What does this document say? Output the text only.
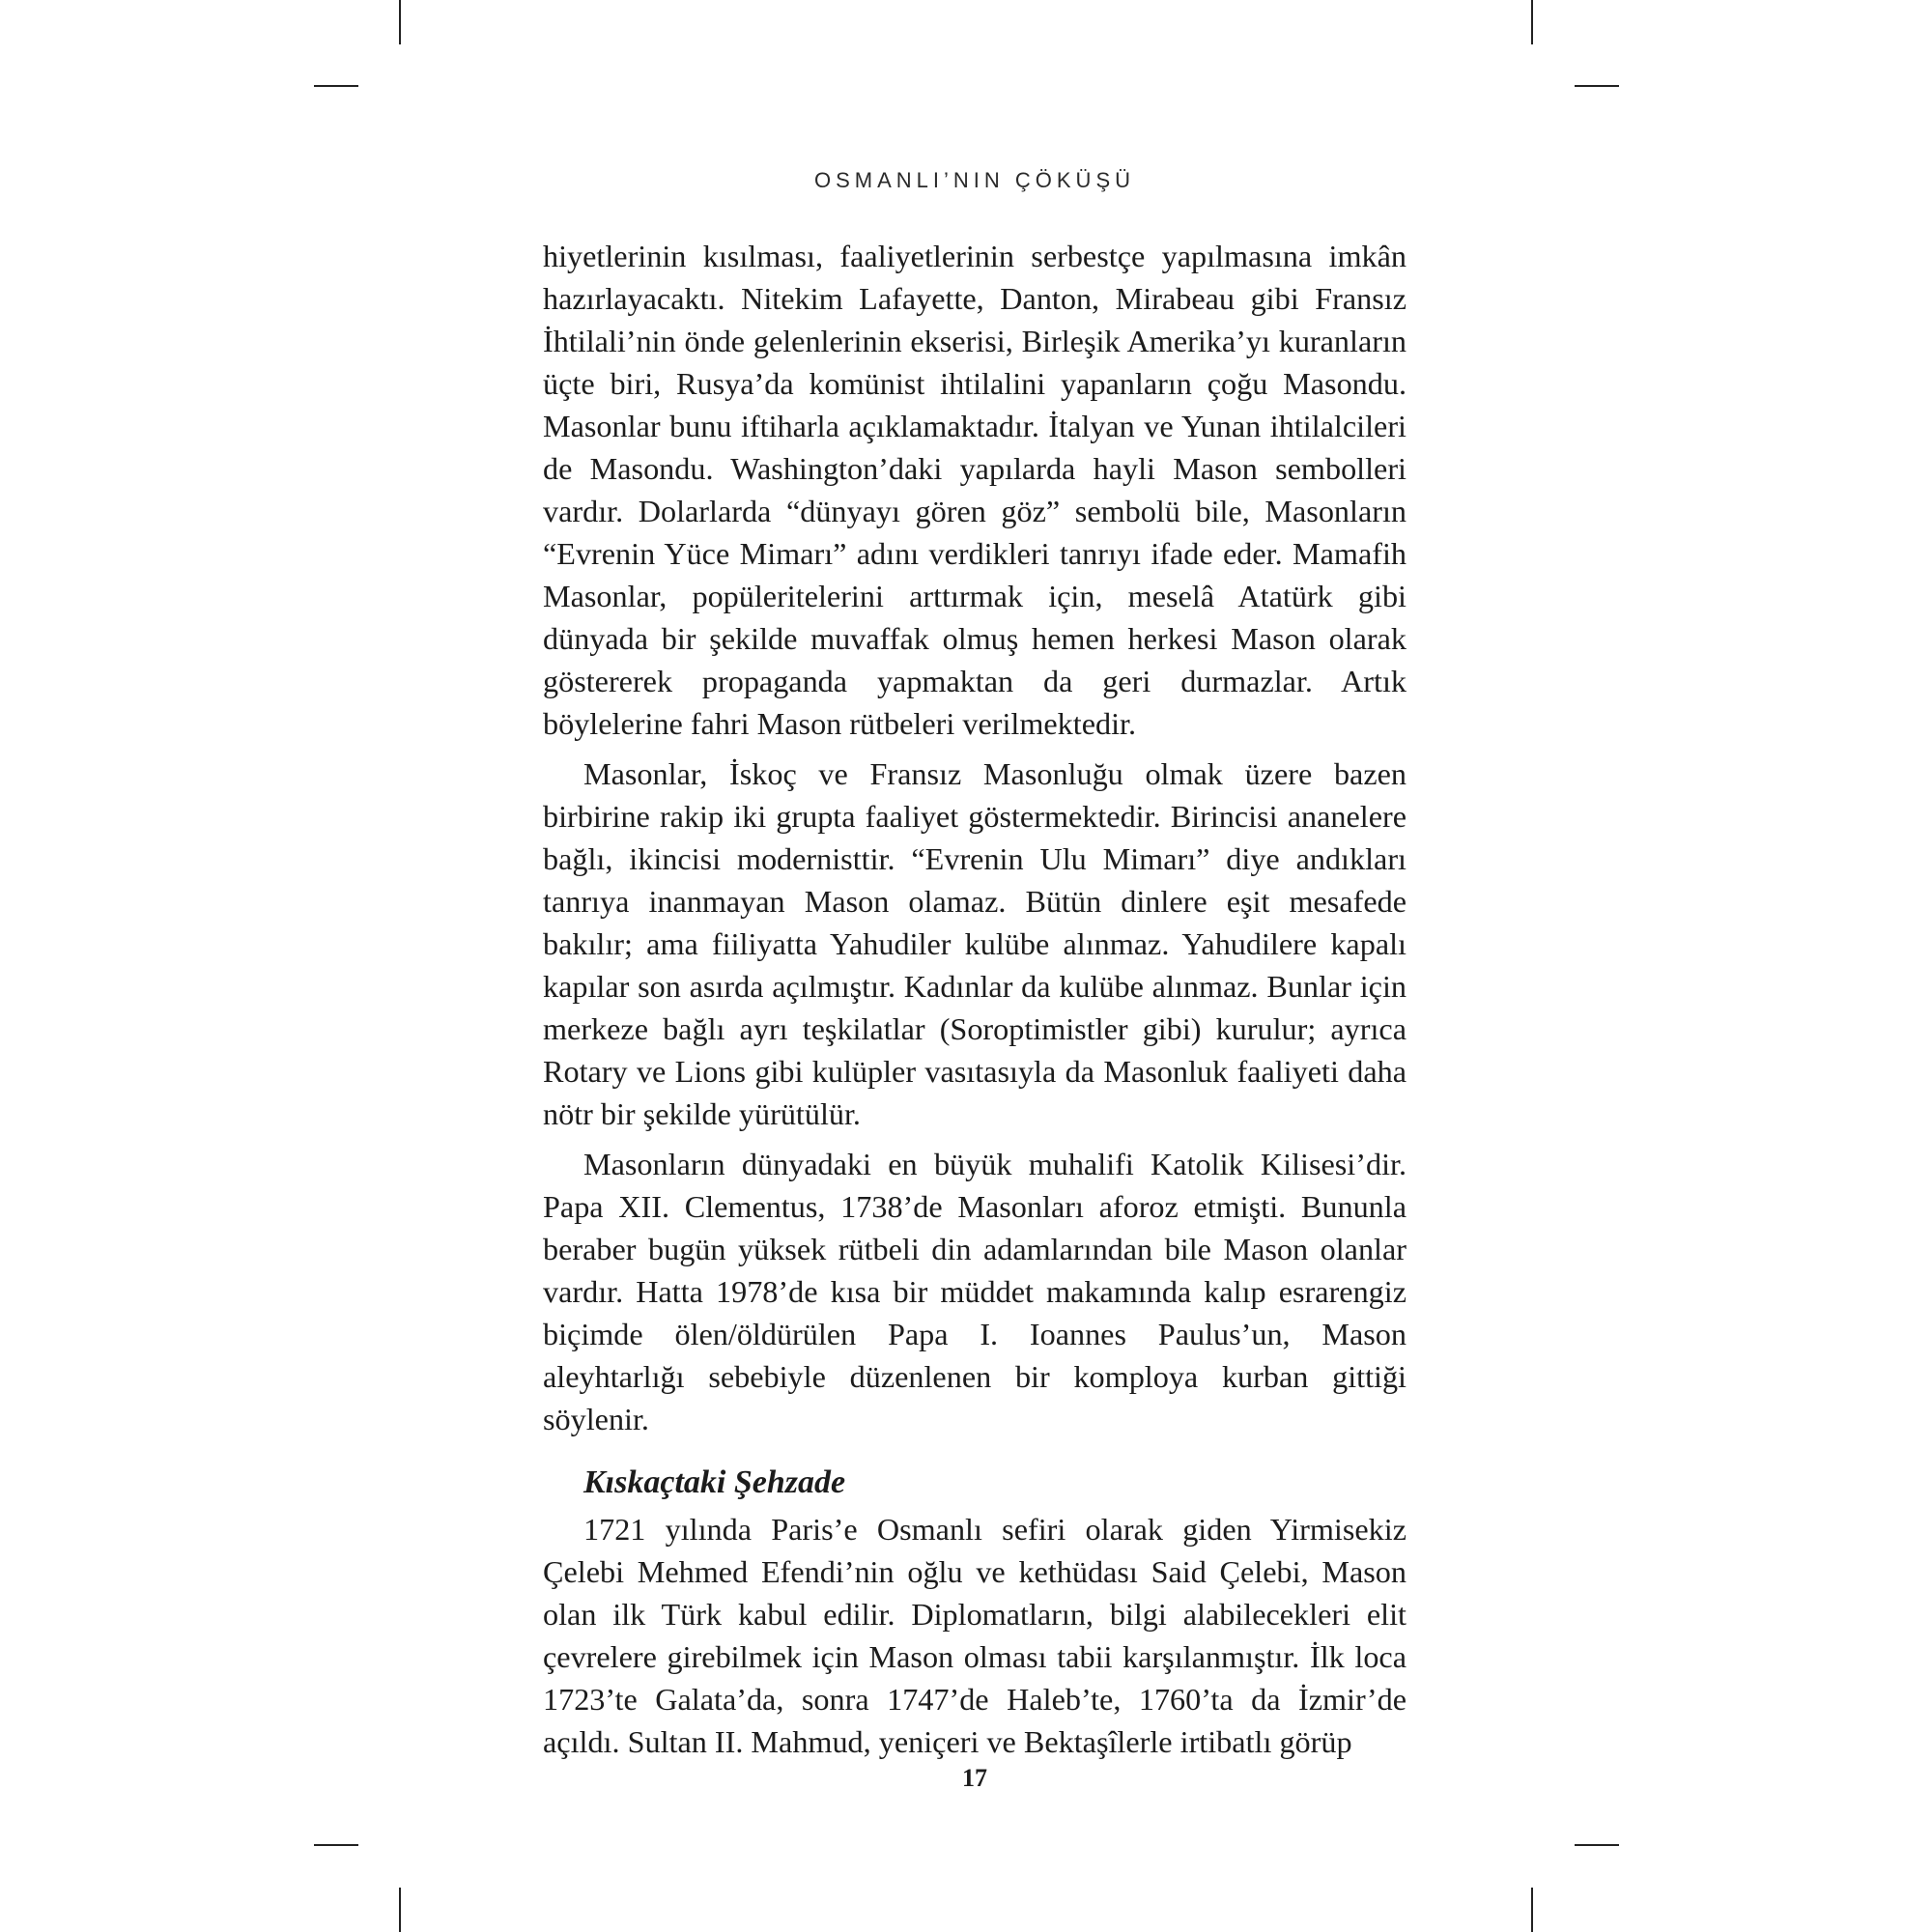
OSMANLI’NIN ÇÖKÜŞÜ

hiyetlerinin kısılması, faaliyetlerinin serbestçe yapılmasına imkân hazırlayacaktı. Nitekim Lafayette, Danton, Mirabeau gibi Fransız İhtilali’nin önde gelenlerinin ekserisi, Birleşik Amerika’yı kuranların üçte biri, Rusya’da komünist ihtilalini yapanların çoğu Masondu. Masonlar bunu iftiharla açıklamaktadır. İtalyan ve Yunan ihtilalcileri de Masondu. Washington’daki yapılarda hayli Mason sembolleri vardır. Dolarlarda “dünyayı gören göz” sembolü bile, Masonların “Evrenin Yüce Mimarı” adını verdikleri tanrıyı ifade eder. Mamafih Masonlar, popüleritelerini arttırmak için, meselâ Atatürk gibi dünyada bir şekilde muvaffak olmuş hemen herkesi Mason olarak göstererek propaganda yapmaktan da geri durmazlar. Artık böylelerine fahri Mason rütbeleri verilmektedir.

Masonlar, İskoç ve Fransız Masonluğu olmak üzere bazen birbirine rakip iki grupta faaliyet göstermektedir. Birincisi ananelere bağlı, ikincisi modernisttir. “Evrenin Ulu Mimarı” diye andıkları tanrıya inanmayan Mason olamaz. Bütün dinlere eşit mesafede bakılır; ama fiiliyatta Yahudiler kulübe alınmaz. Yahudilere kapalı kapılar son asırda açılmıştır. Kadınlar da kulübe alınmaz. Bunlar için merkeze bağlı ayrı teşkilatlar (Soroptimistler gibi) kurulur; ayrıca Rotary ve Lions gibi kulüpler vasıtasıyla da Masonluk faaliyeti daha nötr bir şekilde yürütülür.

Masonların dünyadaki en büyük muhalifi Katolik Kilisesi’dir. Papa XII. Clementus, 1738’de Masonları aforoz etmişti. Bununla beraber bugün yüksek rütbeli din adamlarından bile Mason olanlar vardır. Hatta 1978’de kısa bir müddet makamında kalıp esrarengiz biçimde ölen/öldürülen Papa I. Ioannes Paulus’un, Mason aleyhtarlığı sebebiyle düzenlenen bir komploya kurban gittiği söylenir.

Kıskaçtaki Şehzade

1721 yılında Paris’e Osmanlı sefiri olarak giden Yirmisekiz Çelebi Mehmed Efendi’nin oğlu ve kethüdası Said Çelebi, Mason olan ilk Türk kabul edilir. Diplomatların, bilgi alabilecekleri elit çevrelere girebilmek için Mason olması tabii karşılanmıştır. İlk loca 1723’te Galata’da, sonra 1747’de Haleb’te, 1760’ta da İzmir’de açıldı. Sultan II. Mahmud, yeniçeri ve Bektaşîlerle irtibatlı görüp

17
